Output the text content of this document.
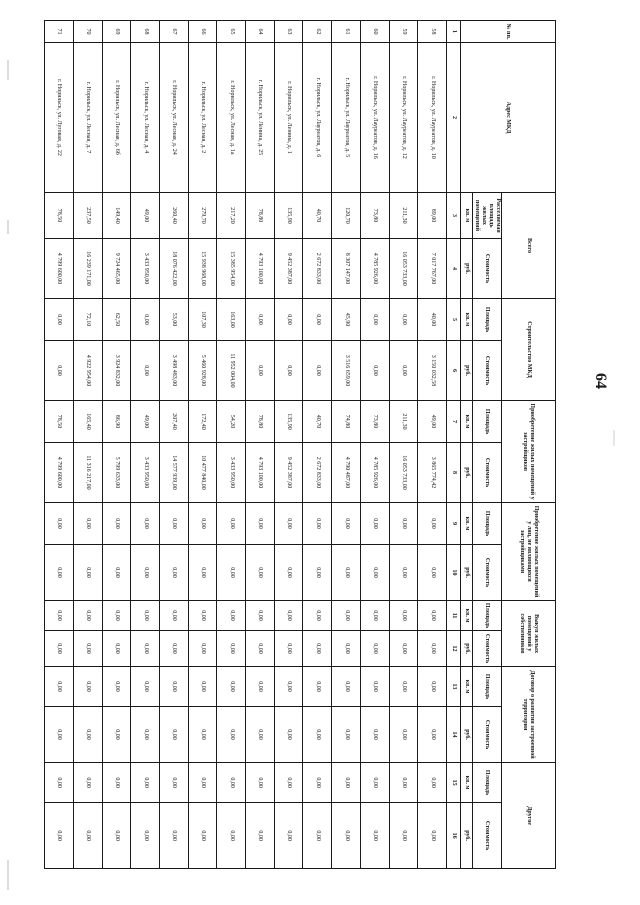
64
№ пп.	Адрес МКД	Всего		Строительство МКД		Приобретение жилых помещений у застройщиков		Приобретение жилых помещений у лиц, не являющихся застройщиками		Выкуп жилых помещений у собственников		Договор о развитии застроенной территории		Другое	
		Расселяемая площадь жилых помещений	Стоимость	Площадь	Стоимость	Площадь	Стоимость	Площадь	Стоимость	Площадь	Стоимость	Площадь	Стоимость	Площадь	Стоимость
		кв. м	руб.	кв. м	руб.	кв. м	руб.	кв. м	руб.	кв. м	руб.	кв. м	руб.	кв. м	руб.
1	2	3	4	5	6	7	8	9	10	11	12	13	14	15	16
58	г. Норильск, ул. Лауреатов, д. 10	89,00	7 017 767,00	40,00	3 150 032,58	49,00	3 865 774,42	0,00	0,00	0,00	0,00	0,00	0,00	0,00	0,00
59	г. Норильск, ул. Лауреатов, д. 12	211,30	16 053 733,00	0,00	0,00	211,30	16 053 733,00	0,00	0,00	0,00	0,00	0,00	0,00	0,00	0,00
60	г. Норильск, ул. Лауреатов, д. 16	73,80	4 785 926,00	0,00	0,00	73,80	4 785 926,00	0,00	0,00	0,00	0,00	0,00	0,00	0,00	0,00
61	г. Норильск, ул. Лауреатов, д. 5	120,70	8 307 147,00	45,90	3 516 659,00	74,80	4 790 487,00	0,00	0,00	0,00	0,00	0,00	0,00	0,00	0,00
62	г. Норильск, ул. Лауреатов, д. 6	40,70	2 672 833,00	0,00	0,00	40,70	2 672 833,00	0,00	0,00	0,00	0,00	0,00	0,00	0,00	0,00
63	г. Норильск, ул. Ленина, д. 1	135,90	9 452 387,00	0,00	0,00	135,90	9 452 387,00	0,00	0,00	0,00	0,00	0,00	0,00	0,00	0,00
64	г. Норильск, ул. Ленина, д. 25	78,80	4 793 100,00	0,00	0,00	78,80	4 793 100,00	0,00	0,00	0,00	0,00	0,00	0,00	0,00	0,00
65	г. Норильск, ул. Лесная, д. 1а	217,20	15 385 954,00	163,00	11 952 004,00	54,20	3 433 950,00	0,00	0,00	0,00	0,00	0,00	0,00	0,00	0,00
66	г. Норильск, ул. Лесная, д. 2	279,70	15 938 968,00	107,30	5 460 928,00	172,40	10 477 840,00	0,00	0,00	0,00	0,00	0,00	0,00	0,00	0,00
67	г. Норильск, ул. Лесная, д. 24	260,40	18 076 422,00	53,00	3 498 483,00	207,40	14 577 939,00	0,00	0,00	0,00	0,00	0,00	0,00	0,00	0,00
68	г. Норильск, ул. Лесная, д. 4	49,00	3 433 950,00	0,00	0,00	49,00	3 433 950,00	0,00	0,00	0,00	0,00	0,00	0,00	0,00	0,00
69	г. Норильск, ул. Лесная, д. 6б	149,40	9 724 465,00	62,50	3 924 832,00	86,90	5 799 633,00	0,00	0,00	0,00	0,00	0,00	0,00	0,00	0,00
70	г. Норильск, ул. Лесная, д. 7	237,50	16 239 171,00	72,10	4 922 954,00	165,40	11 316 217,00	0,00	0,00	0,00	0,00	0,00	0,00	0,00	0,00
71	г. Норильск, ул. Луговая, д. 22	78,50	4 799 600,00	0,00	0,00	78,50	4 799 600,00	0,00	0,00	0,00	0,00	0,00	0,00	0,00	0,00
